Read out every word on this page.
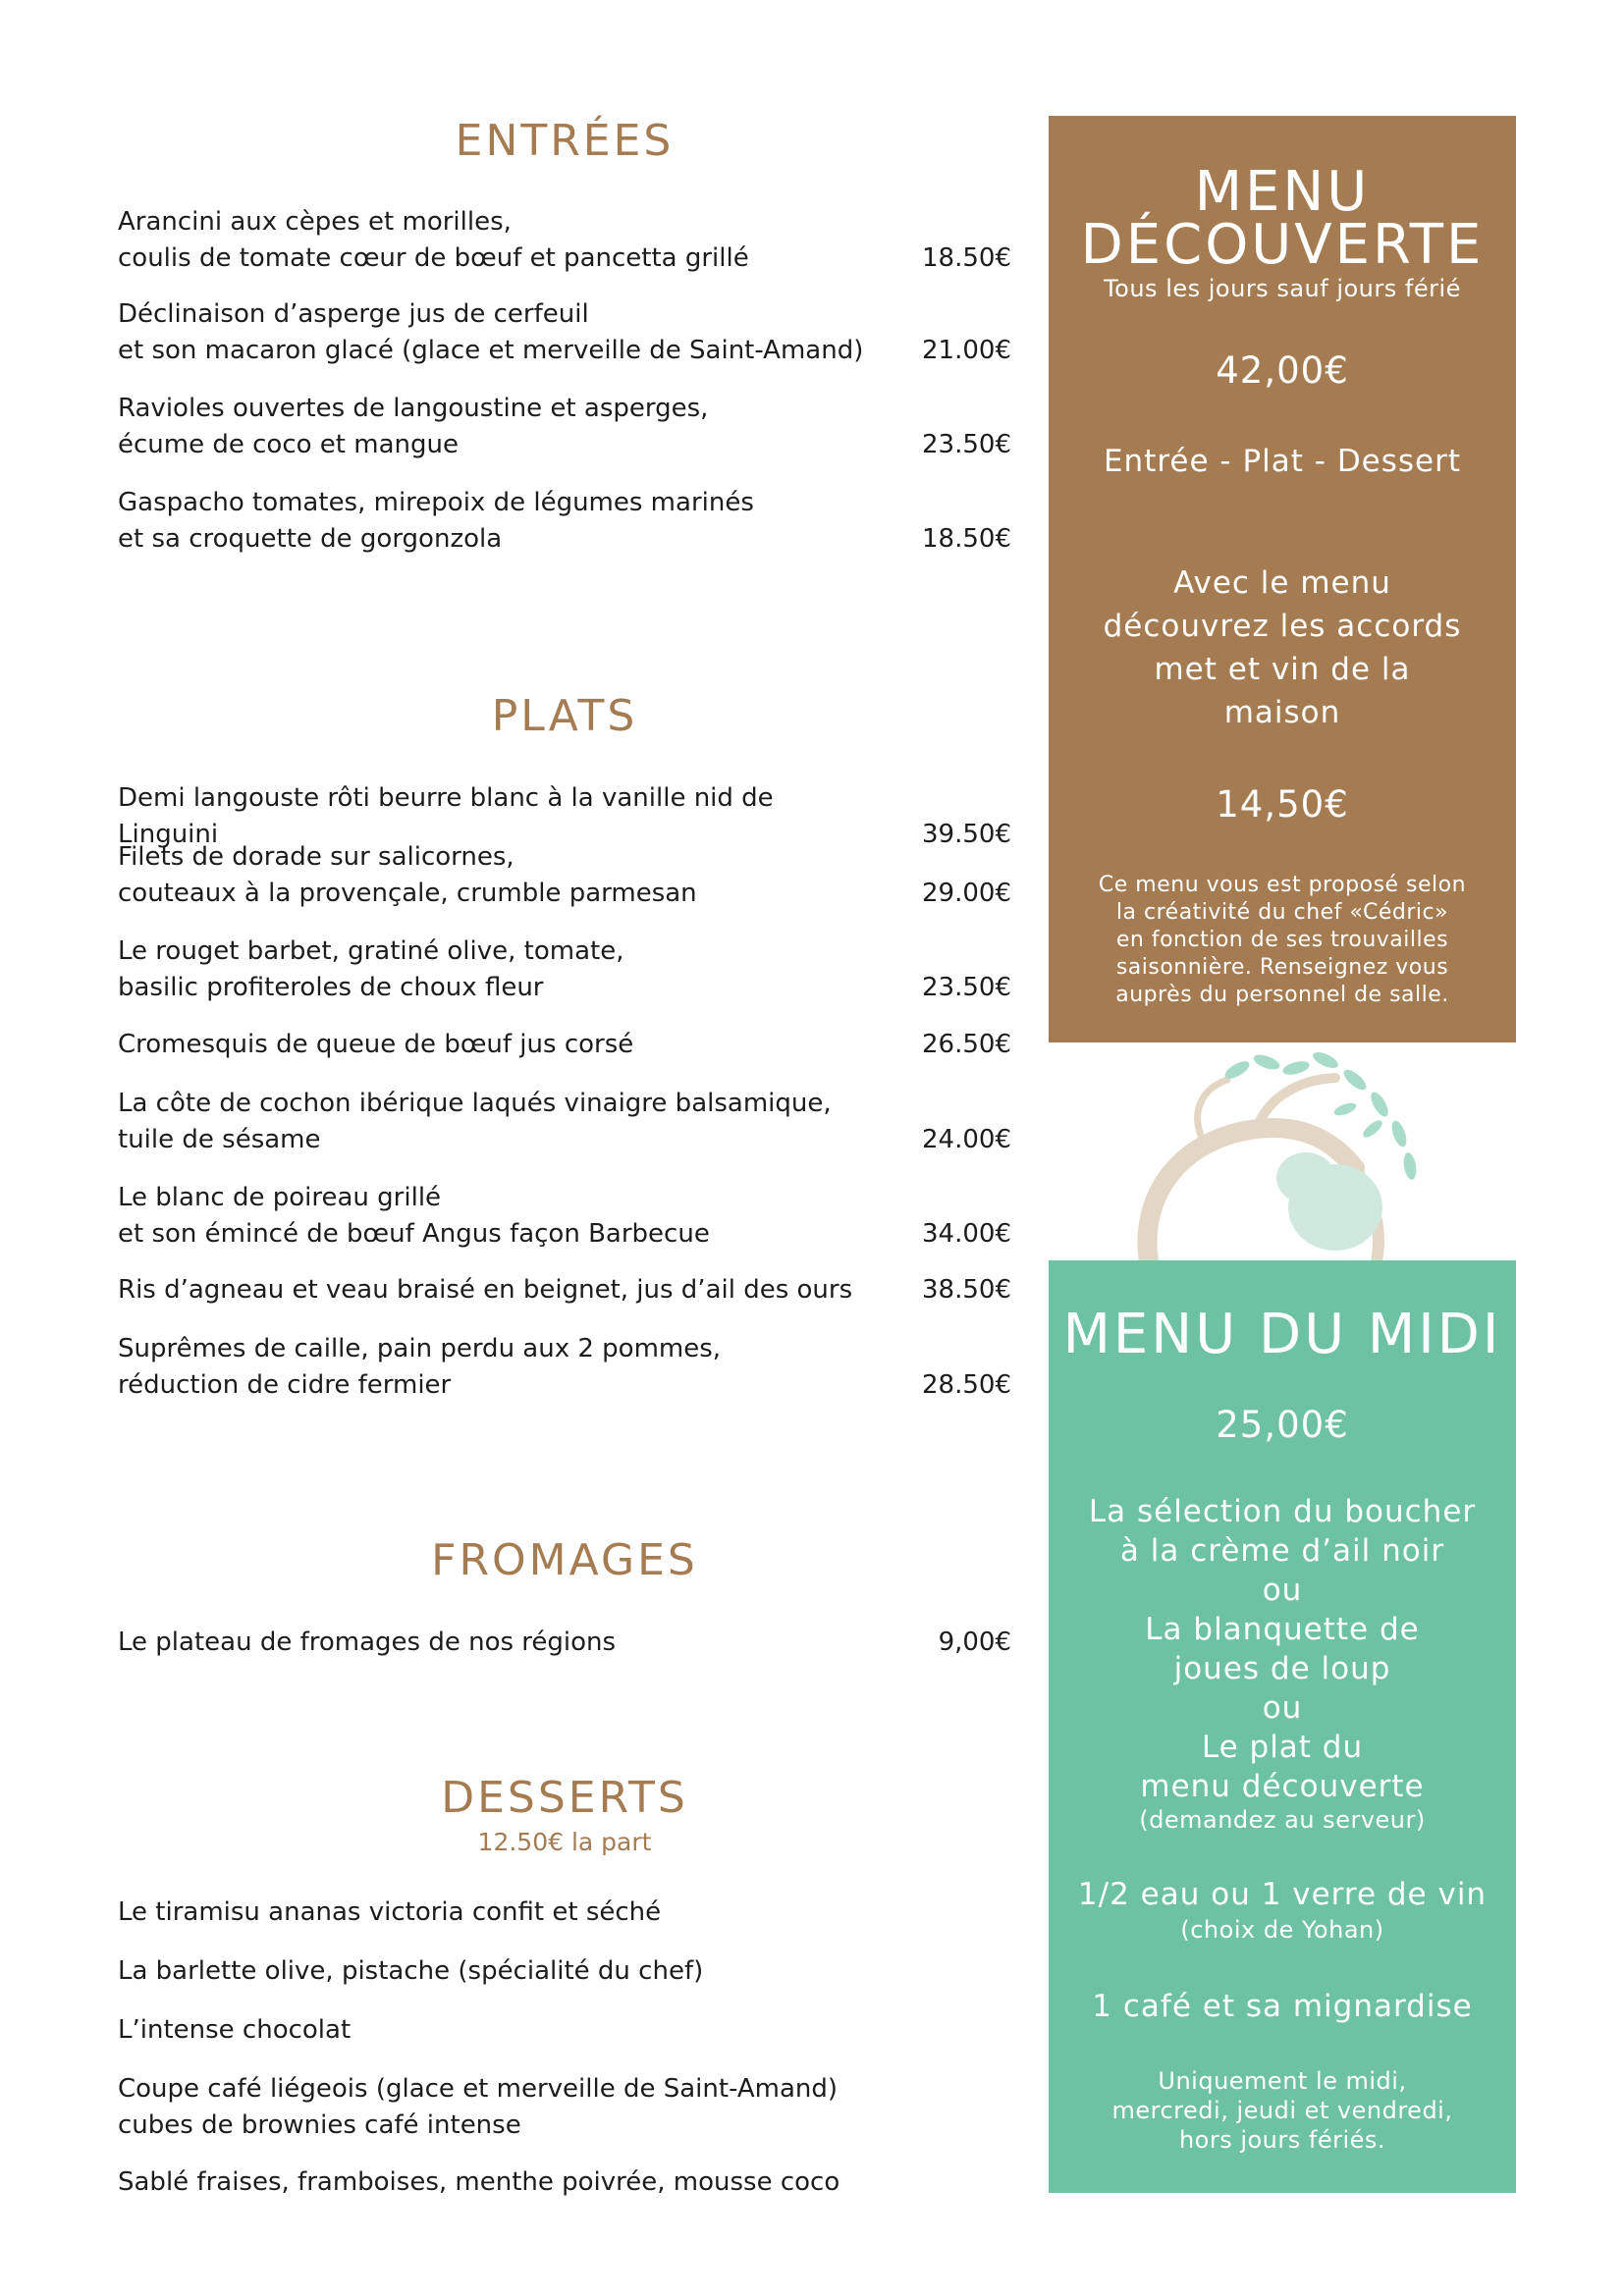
ENTRÉES
Arancini aux cèpes et morilles,
coulis de tomate cœur de bœuf et pancetta grillé	18.50€
Déclinaison d’asperge jus de cerfeuil
et son macaron glacé (glace et merveille de Saint-Amand)	21.00€
Ravioles ouvertes de langoustine et asperges,
écume de coco et mangue	23.50€
Gaspacho tomates, mirepoix de légumes marinés
et sa croquette de gorgonzola	18.50€
PLATS
Demi langouste rôti beurre blanc à la vanille nid de Linguini	39.50€
Filets de dorade sur salicornes,
couteaux à la provençale, crumble parmesan	29.00€
Le rouget barbet, gratiné olive, tomate,
basilic profiteroles de choux fleur	23.50€
Cromesquis de queue de bœuf jus corsé	26.50€
La côte de cochon ibérique laqués vinaigre balsamique,
tuile de sésame	24.00€
Le blanc de poireau grillé
et son émincé de bœuf Angus façon Barbecue	34.00€
Ris d’agneau et veau braisé en beignet, jus d’ail des ours	38.50€
Suprêmes de caille, pain perdu aux 2 pommes,
réduction de cidre fermier	28.50€
FROMAGES
Le plateau de fromages de nos régions	9,00€
DESSERTS
12.50€ la part
Le tiramisu ananas victoria confit et séché
La barlette olive, pistache (spécialité du chef)
L’intense chocolat
Coupe café liégeois (glace et merveille de Saint-Amand)
cubes de brownies café intense
Sablé fraises, framboises, menthe poivrée, mousse coco
MENU
DÉCOUVERTE
Tous les jours sauf jours férié
42,00€
Entrée - Plat - Dessert
Avec le menu
découvrez les accords
met et vin de la
maison
14,50€
Ce menu vous est proposé selon
la créativité du chef «Cédric»
en fonction de ses trouvailles
saisonnière. Renseignez vous
auprès du personnel de salle.
MENU DU MIDI
25,00€
La sélection du boucher
à la crème d’ail noir
ou
La blanquette de
joues de loup
ou
Le plat du
menu découverte
(demandez au serveur)
1/2 eau ou 1 verre de vin
(choix de Yohan)
1 café et sa mignardise
Uniquement le midi,
mercredi, jeudi et vendredi,
hors jours fériés.
